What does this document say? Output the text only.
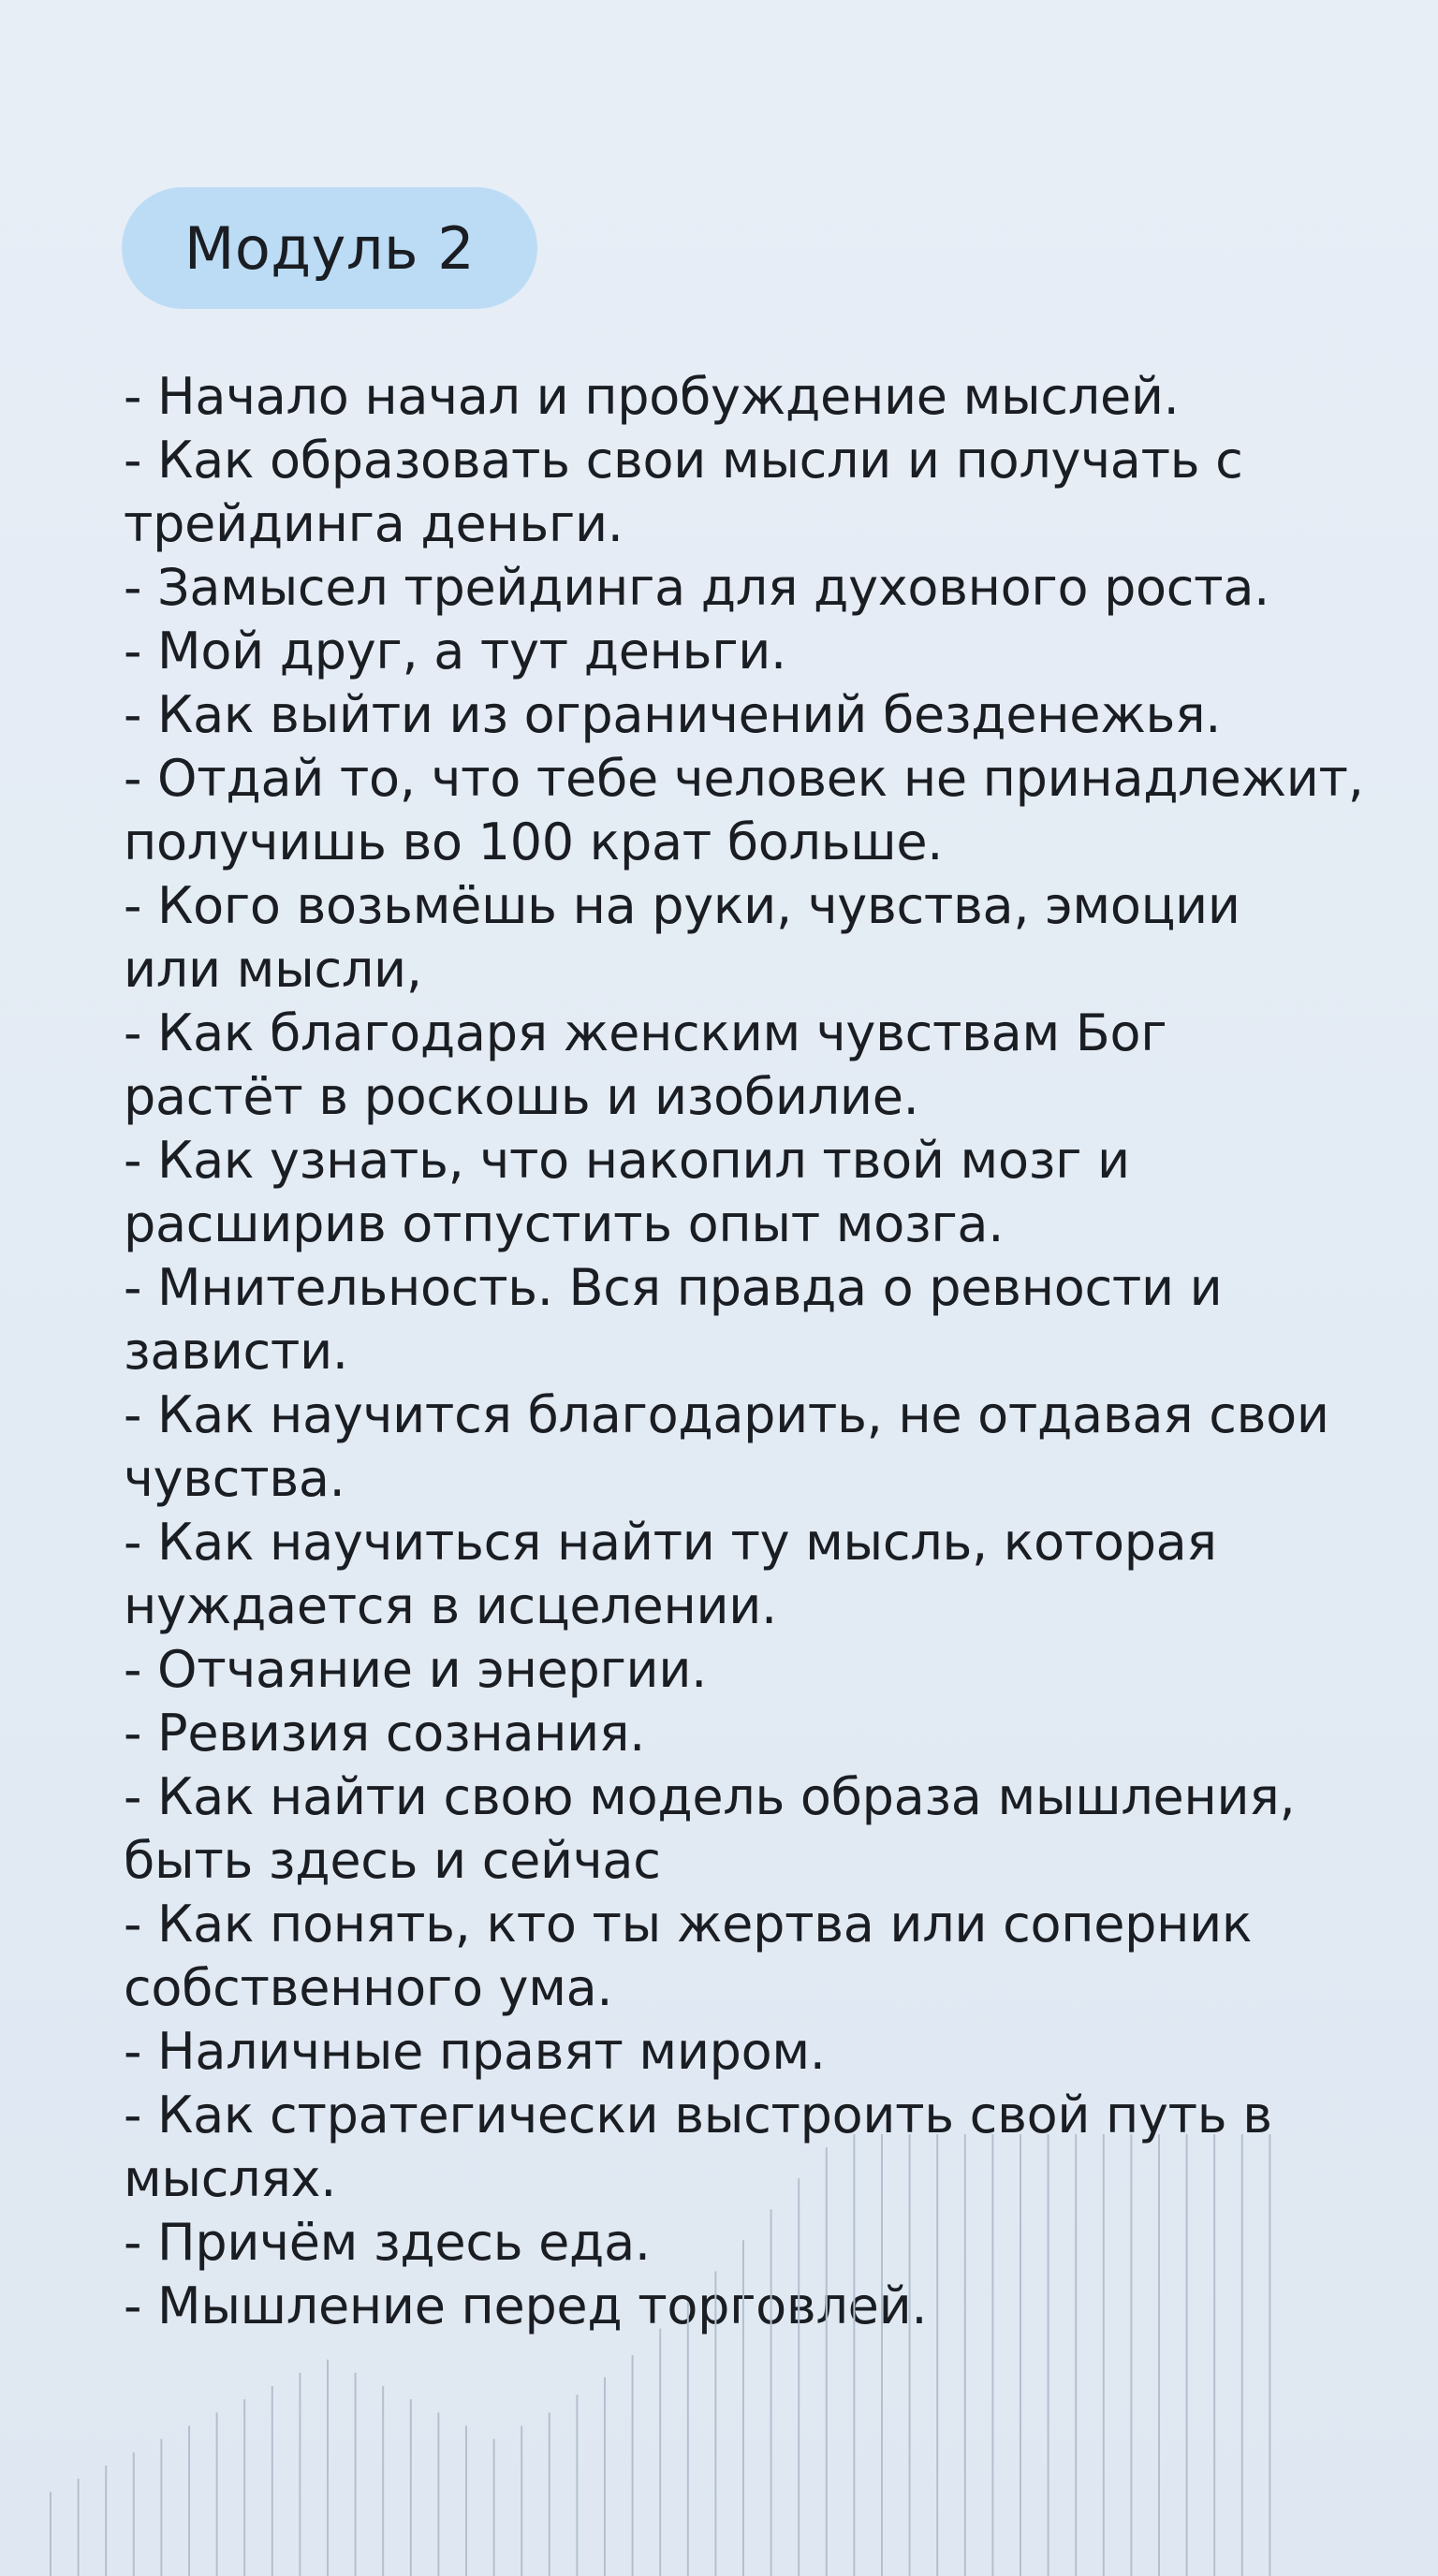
Модуль 2
- Начало начал и пробуждение мыслей.
- Как образовать свои мысли и получать с
трейдинга деньги.
- Замысел трейдинга для духовного роста.
- Мой друг, а тут деньги.
- Как выйти из ограничений безденежья.
- Отдай то, что тебе человек не принадлежит,
получишь во 100 крат больше.
- Кого возьмёшь на руки, чувства, эмоции
или мысли,
- Как благодаря женским чувствам Бог
растёт в роскошь и изобилие.
- Как узнать, что накопил твой мозг и
расширив отпустить опыт мозга.
- Мнительность. Вся правда о ревности и
зависти.
- Как научится благодарить, не отдавая свои
чувства.
- Как научиться найти ту мысль, которая
нуждается в исцелении.
- Отчаяние и энергии.
- Ревизия сознания.
- Как найти свою модель образа мышления,
быть здесь и сейчас
- Как понять, кто ты жертва или соперник
собственного ума.
- Наличные правят миром.
- Как стратегически выстроить свой путь в
мыслях.
- Причём здесь еда.
- Мышление перед торговлей.
